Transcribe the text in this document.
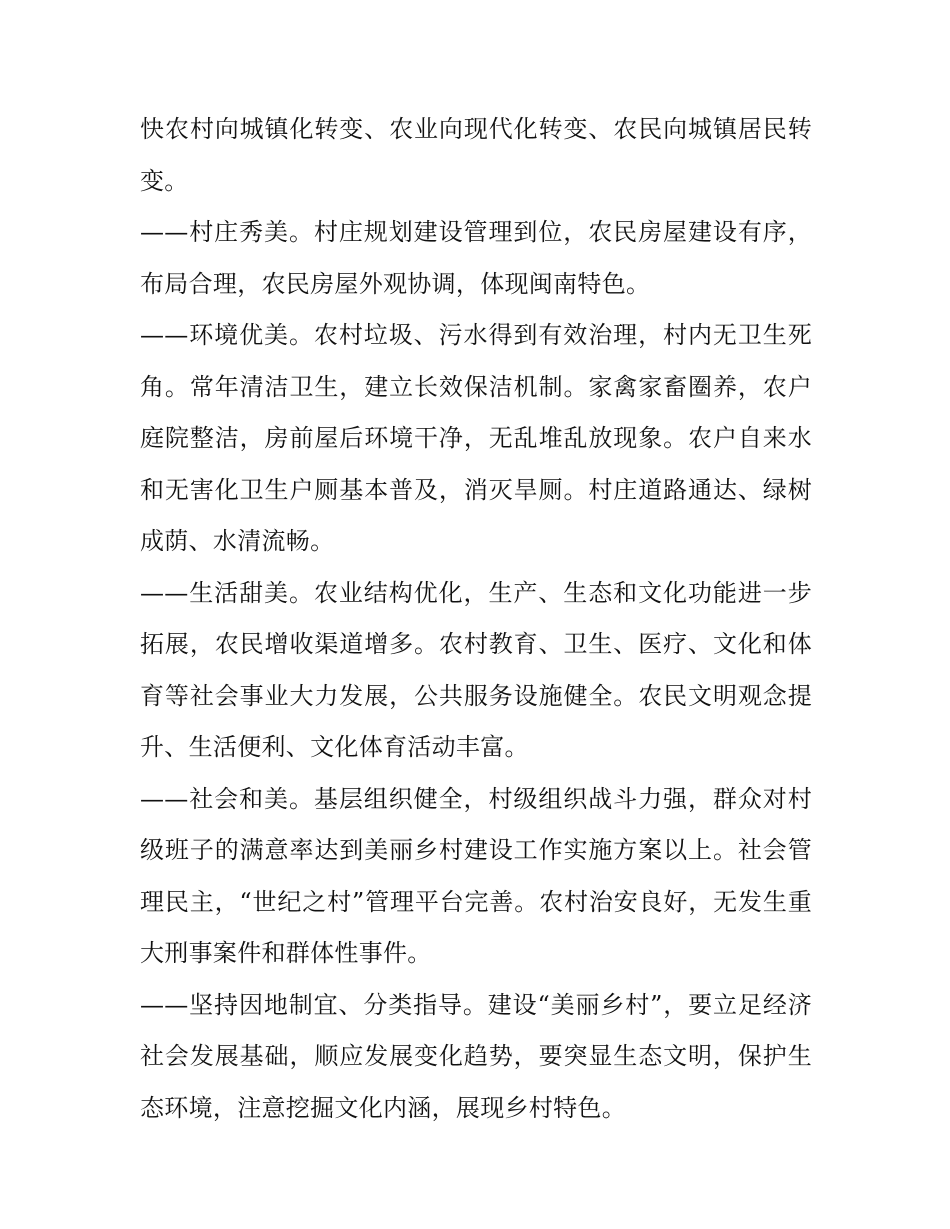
快农村向城镇化转变、农业向现代化转变、农民向城镇居民转变。

——村庄秀美。村庄规划建设管理到位，农民房屋建设有序，布局合理，农民房屋外观协调，体现闽南特色。

——环境优美。农村垃圾、污水得到有效治理，村内无卫生死角。常年清洁卫生，建立长效保洁机制。家禽家畜圈养，农户庭院整洁，房前屋后环境干净，无乱堆乱放现象。农户自来水和无害化卫生户厕基本普及，消灭旱厕。村庄道路通达、绿树成荫、水清流畅。

——生活甜美。农业结构优化，生产、生态和文化功能进一步拓展，农民增收渠道增多。农村教育、卫生、医疗、文化和体育等社会事业大力发展，公共服务设施健全。农民文明观念提升、生活便利、文化体育活动丰富。

——社会和美。基层组织健全，村级组织战斗力强，群众对村级班子的满意率达到美丽乡村建设工作实施方案以上。社会管理民主，“世纪之村”管理平台完善。农村治安良好，无发生重大刑事案件和群体性事件。

——坚持因地制宜、分类指导。建设“美丽乡村”，要立足经济社会发展基础，顺应发展变化趋势，要突显生态文明，保护生态环境，注意挖掘文化内涵，展现乡村特色。
